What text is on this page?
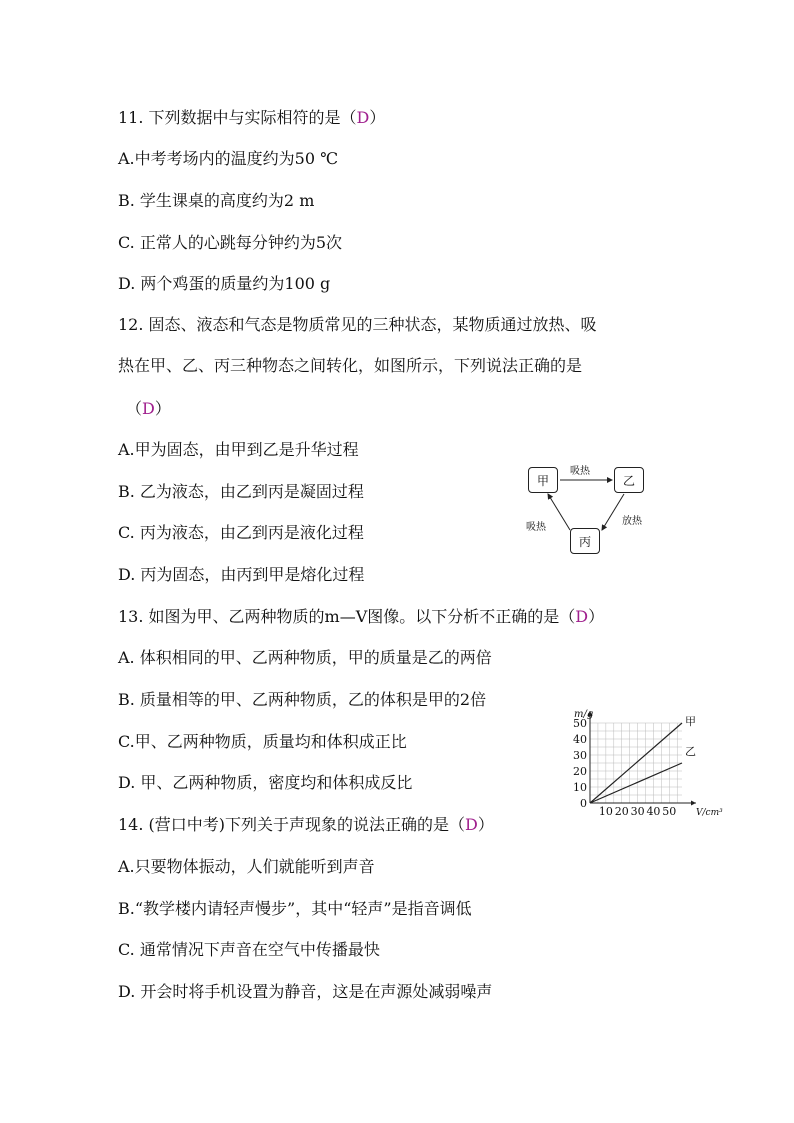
11. 下列数据中与实际相符的是（D）
A.中考考场内的温度约为50 ℃
B. 学生课桌的高度约为2 m
C. 正常人的心跳每分钟约为5次
D. 两个鸡蛋的质量约为100 g
12. 固态、液态和气态是物质常见的三种状态，某物质通过放热、吸
热在甲、乙、丙三种物态之间转化，如图所示，下列说法正确的是
（D）
A.甲为固态，由甲到乙是升华过程
B. 乙为液态，由乙到丙是凝固过程
C. 丙为液态，由乙到丙是液化过程
D. 丙为固态，由丙到甲是熔化过程
甲	乙
丙
吸热
放热
吸热
13. 如图为甲、乙两种物质的m—V图像。以下分析不正确的是（D）
A. 体积相同的甲、乙两种物质，甲的质量是乙的两倍
B. 质量相等的甲、乙两种物质，乙的体积是甲的2倍
C.甲、乙两种物质，质量均和体积成正比
D. 甲、乙两种物质，密度均和体积成反比
0
10
20
30
40
50
10 20 30 40 50
m/g
V/cm³
甲
乙
14. (营口中考)下列关于声现象的说法正确的是（D）
A.只要物体振动，人们就能听到声音
B.“教学楼内请轻声慢步”，其中“轻声”是指音调低
C. 通常情况下声音在空气中传播最快
D. 开会时将手机设置为静音，这是在声源处减弱噪声
